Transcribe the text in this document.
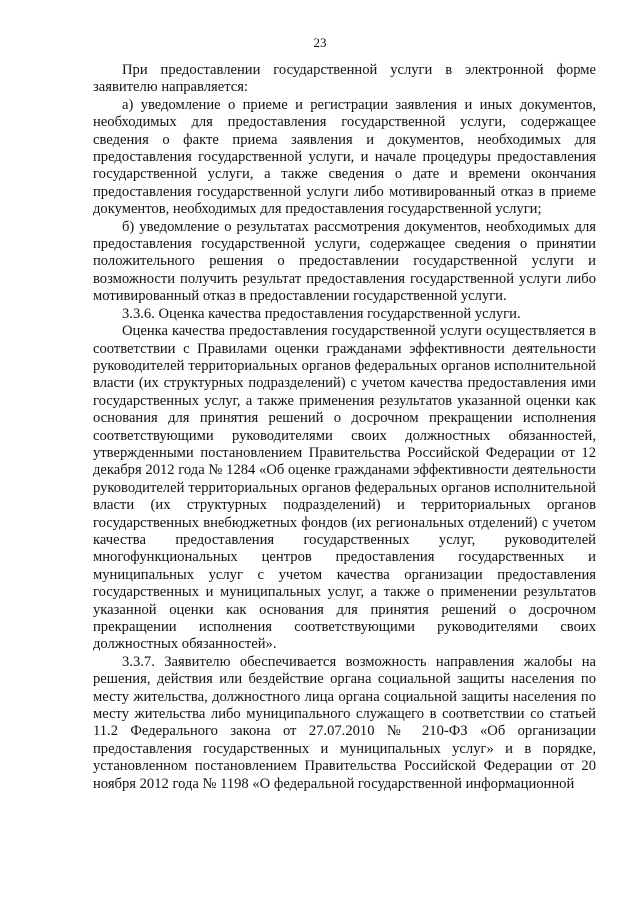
23

При предоставлении государственной услуги в электронной форме заявителю направляется:

а) уведомление о приеме и регистрации заявления и иных документов, необходимых для предоставления государственной услуги, содержащее сведения о факте приема заявления и документов, необходимых для предоставления государственной услуги, и начале процедуры предоставления государственной услуги, а также сведения о дате и времени окончания предоставления государственной услуги либо мотивированный отказ в приеме документов, необходимых для предоставления государственной услуги;

б) уведомление о результатах рассмотрения документов, необходимых для предоставления государственной услуги, содержащее сведения о принятии положительного решения о предоставлении государственной услуги и возможности получить результат предоставления государственной услуги либо мотивированный отказ в предоставлении государственной услуги.

3.3.6. Оценка качества предоставления государственной услуги.

Оценка качества предоставления государственной услуги осуществляется в соответствии с Правилами оценки гражданами эффективности деятельности руководителей территориальных органов федеральных органов исполнительной власти (их структурных подразделений) с учетом качества предоставления ими государственных услуг, а также применения результатов указанной оценки как основания для принятия решений о досрочном прекращении исполнения соответствующими руководителями своих должностных обязанностей, утвержденными постановлением Правительства Российской Федерации от 12 декабря 2012 года № 1284 «Об оценке гражданами эффективности деятельности руководителей территориальных органов федеральных органов исполнительной власти (их структурных подразделений) и территориальных органов государственных внебюджетных фондов (их региональных отделений) с учетом качества предоставления государственных услуг, руководителей многофункциональных центров предоставления государственных и муниципальных услуг с учетом качества организации предоставления государственных и муниципальных услуг, а также о применении результатов указанной оценки как основания для принятия решений о досрочном прекращении исполнения соответствующими руководителями своих должностных обязанностей».

3.3.7. Заявителю обеспечивается возможность направления жалобы на решения, действия или бездействие органа социальной защиты населения по месту жительства, должностного лица органа социальной защиты населения по месту жительства либо муниципального служащего в соответствии со статьей 11.2 Федерального закона от 27.07.2010 № 210-ФЗ «Об организации предоставления государственных и муниципальных услуг» и в порядке, установленном постановлением Правительства Российской Федерации от 20 ноября 2012 года № 1198 «О федеральной государственной информационной
